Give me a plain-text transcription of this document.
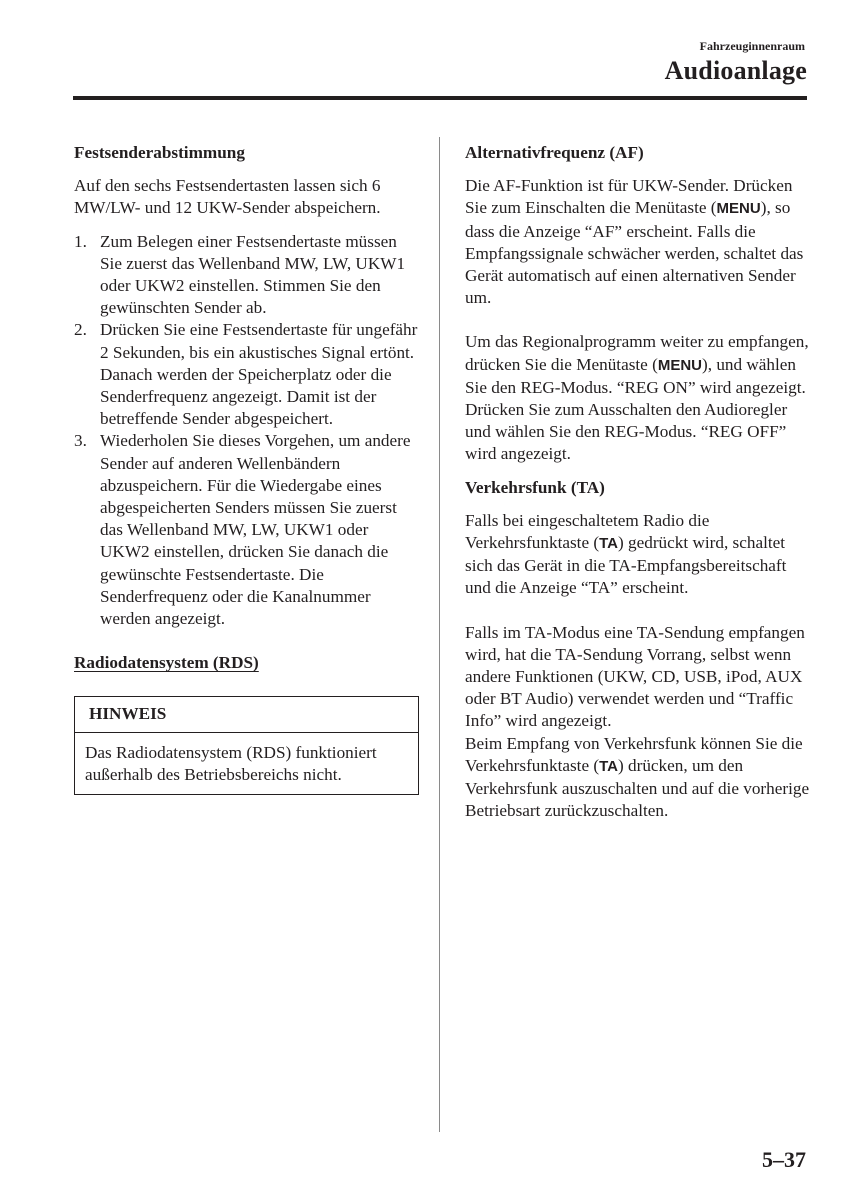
Fahrzeuginnenraum
Audioanlage
Festsenderabstimmung

Auf den sechs Festsendertasten lassen sich 6 MW/LW- und 12 UKW-Sender abspeichern.

1. Zum Belegen einer Festsendertaste müssen Sie zuerst das Wellenband MW, LW, UKW1 oder UKW2 einstellen. Stimmen Sie den gewünschten Sender ab.
2. Drücken Sie eine Festsendertaste für ungefähr 2 Sekunden, bis ein akustisches Signal ertönt. Danach werden der Speicherplatz oder die Senderfrequenz angezeigt. Damit ist der betreffende Sender abgespeichert.
3. Wiederholen Sie dieses Vorgehen, um andere Sender auf anderen Wellenbändern abzuspeichern. Für die Wiedergabe eines abgespeicherten Senders müssen Sie zuerst das Wellenband MW, LW, UKW1 oder UKW2 einstellen, drücken Sie danach die gewünschte Festsendertaste. Die Senderfrequenz oder die Kanalnummer werden angezeigt.
Radiodatensystem (RDS)
HINWEIS
Das Radiodatensystem (RDS) funktioniert außerhalb des Betriebsbereichs nicht.
Alternativfrequenz (AF)

Die AF-Funktion ist für UKW-Sender. Drücken Sie zum Einschalten die Menütaste (MENU), so dass die Anzeige “AF” erscheint. Falls die Empfangssignale schwächer werden, schaltet das Gerät automatisch auf einen alternativen Sender um.

Um das Regionalprogramm weiter zu empfangen, drücken Sie die Menütaste (MENU), und wählen Sie den REG-Modus. “REG ON” wird angezeigt. Drücken Sie zum Ausschalten den Audioregler und wählen Sie den REG-Modus. “REG OFF” wird angezeigt.

Verkehrsfunk (TA)

Falls bei eingeschaltetem Radio die Verkehrsfunktaste (TA) gedrückt wird, schaltet sich das Gerät in die TA-Empfangsbereitschaft und die Anzeige “TA” erscheint.

Falls im TA-Modus eine TA-Sendung empfangen wird, hat die TA-Sendung Vorrang, selbst wenn andere Funktionen (UKW, CD, USB, iPod, AUX oder BT Audio) verwendet werden und “Traffic Info” wird angezeigt.

Beim Empfang von Verkehrsfunk können Sie die Verkehrsfunktaste (TA) drücken, um den Verkehrsfunk auszuschalten und auf die vorherige Betriebsart zurückzuschalten.

5–37
